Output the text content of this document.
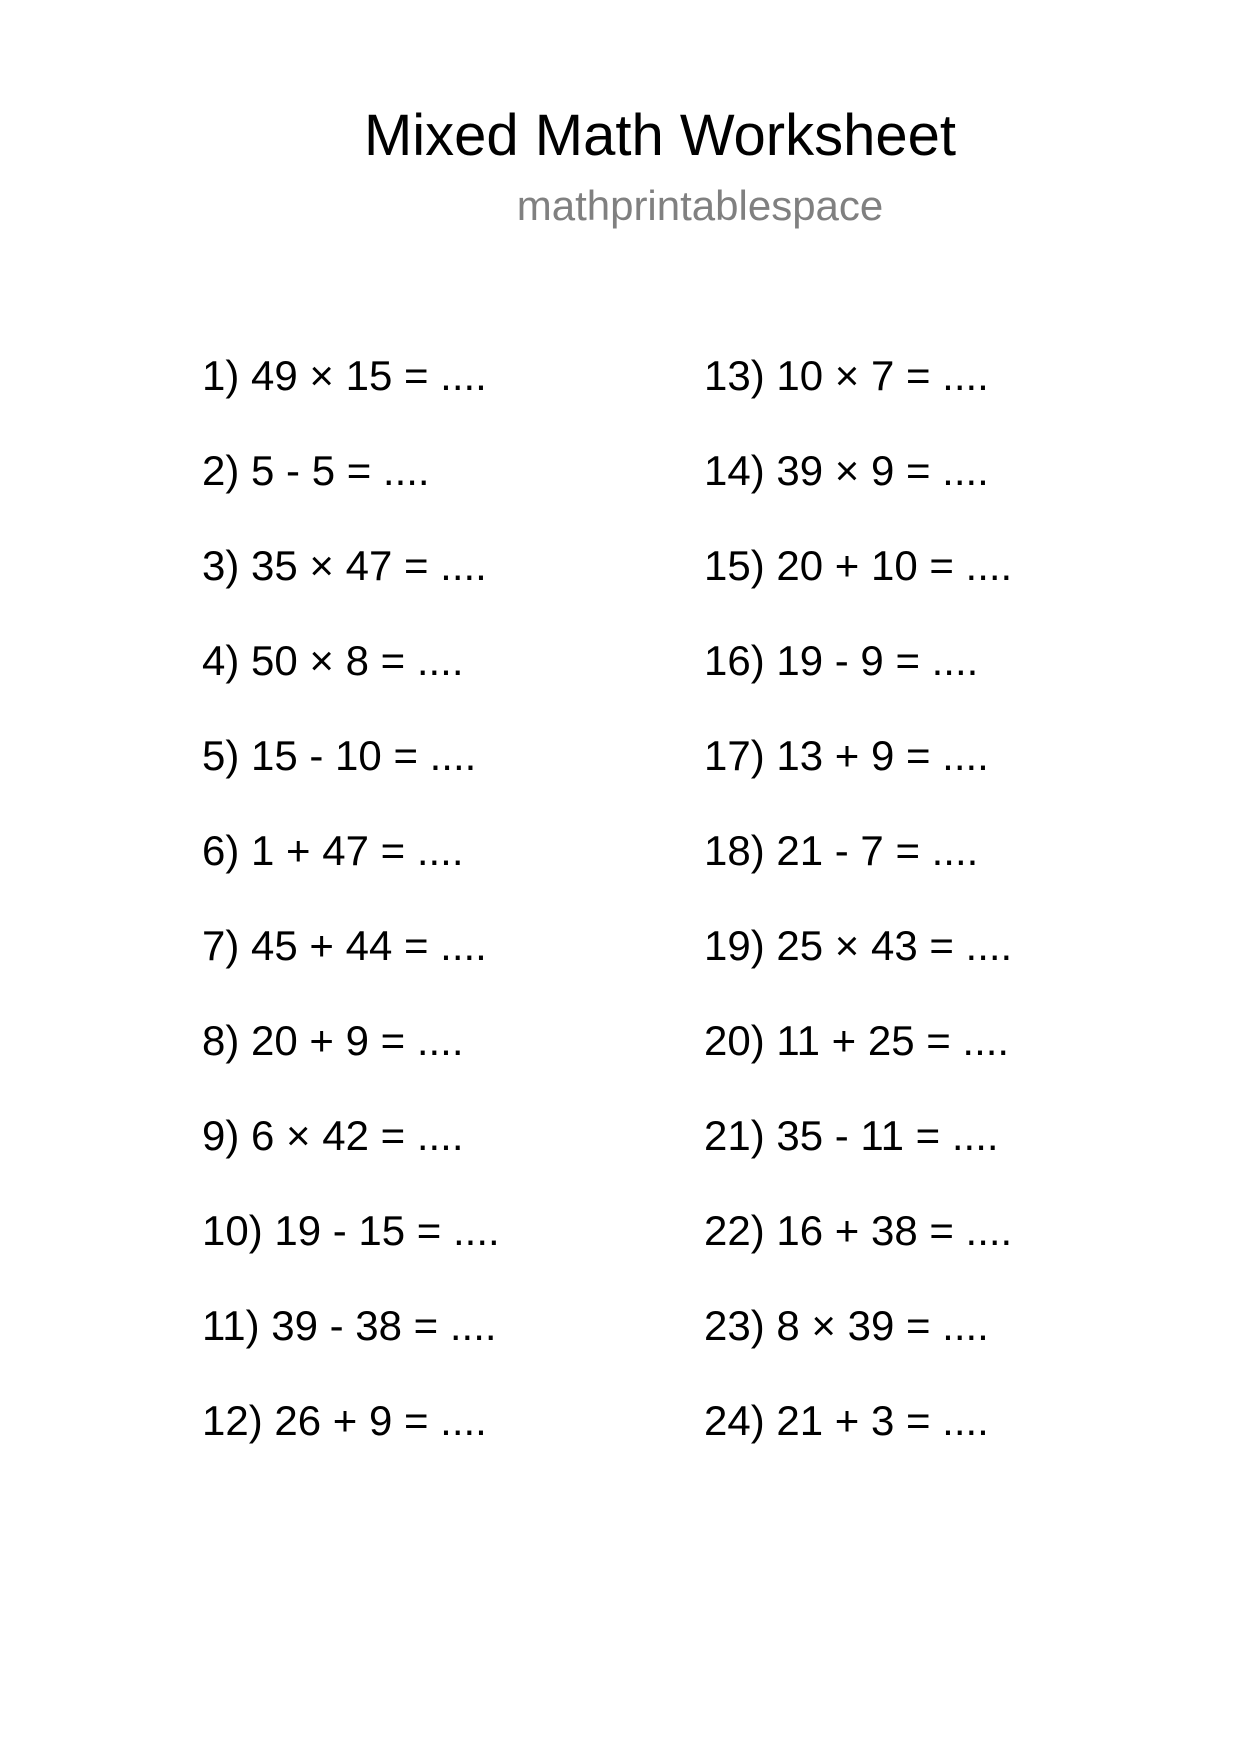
Mixed Math Worksheet
mathprintablespace
1) 49 × 15 = ....
2) 5 - 5 = ....
3) 35 × 47 = ....
4) 50 × 8 = ....
5) 15 - 10 = ....
6) 1 + 47 = ....
7) 45 + 44 = ....
8) 20 + 9 = ....
9) 6 × 42 = ....
10) 19 - 15 = ....
11) 39 - 38 = ....
12) 26 + 9 = ....
13) 10 × 7 = ....
14) 39 × 9 = ....
15) 20 + 10 = ....
16) 19 - 9 = ....
17) 13 + 9 = ....
18) 21 - 7 = ....
19) 25 × 43 = ....
20) 11 + 25 = ....
21) 35 - 11 = ....
22) 16 + 38 = ....
23) 8 × 39 = ....
24) 21 + 3 = ....
